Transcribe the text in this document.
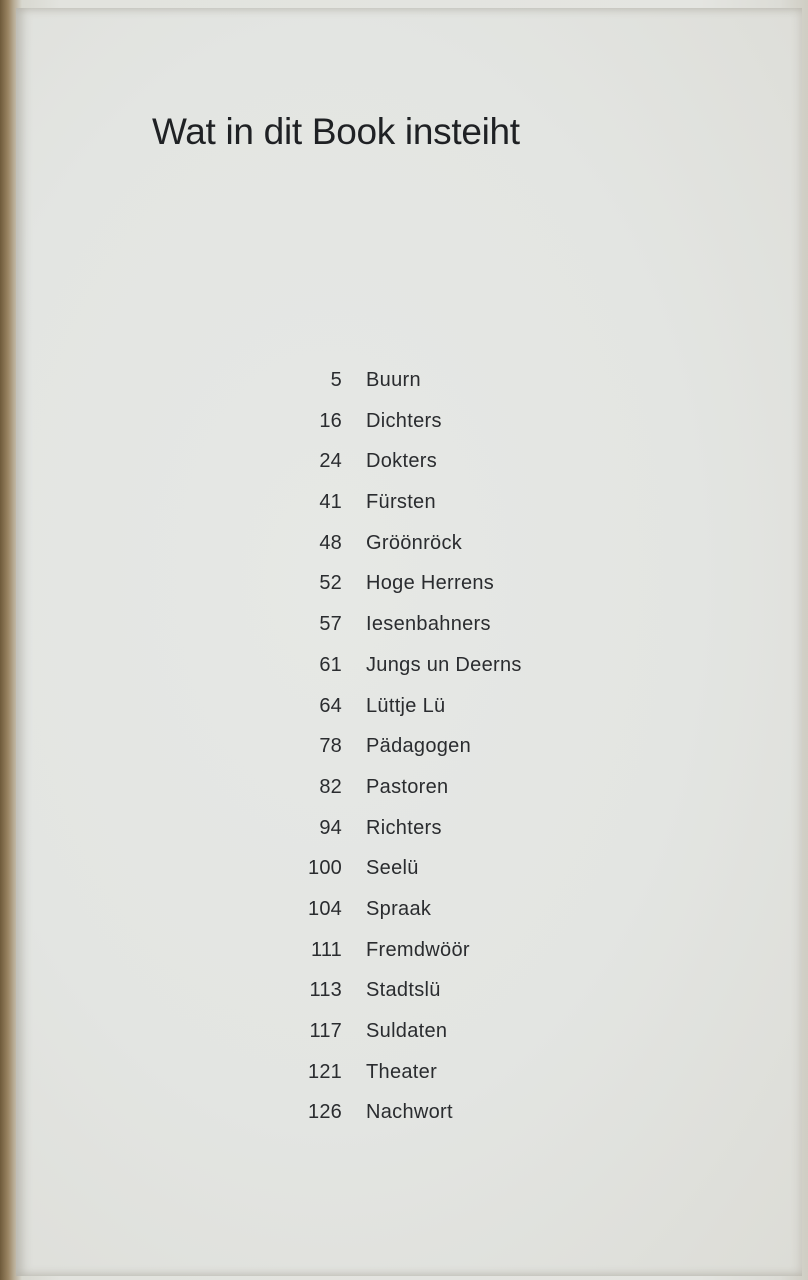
Wat in dit Book insteiht
5 Buurn
16 Dichters
24 Dokters
41 Fürsten
48 Gröönröck
52 Hoge Herrens
57 Iesenbahners
61 Jungs un Deerns
64 Lüttje Lü
78 Pädagogen
82 Pastoren
94 Richters
100 Seelü
104 Spraak
111 Fremdwöör
113 Stadtslü
117 Suldaten
121 Theater
126 Nachwort
